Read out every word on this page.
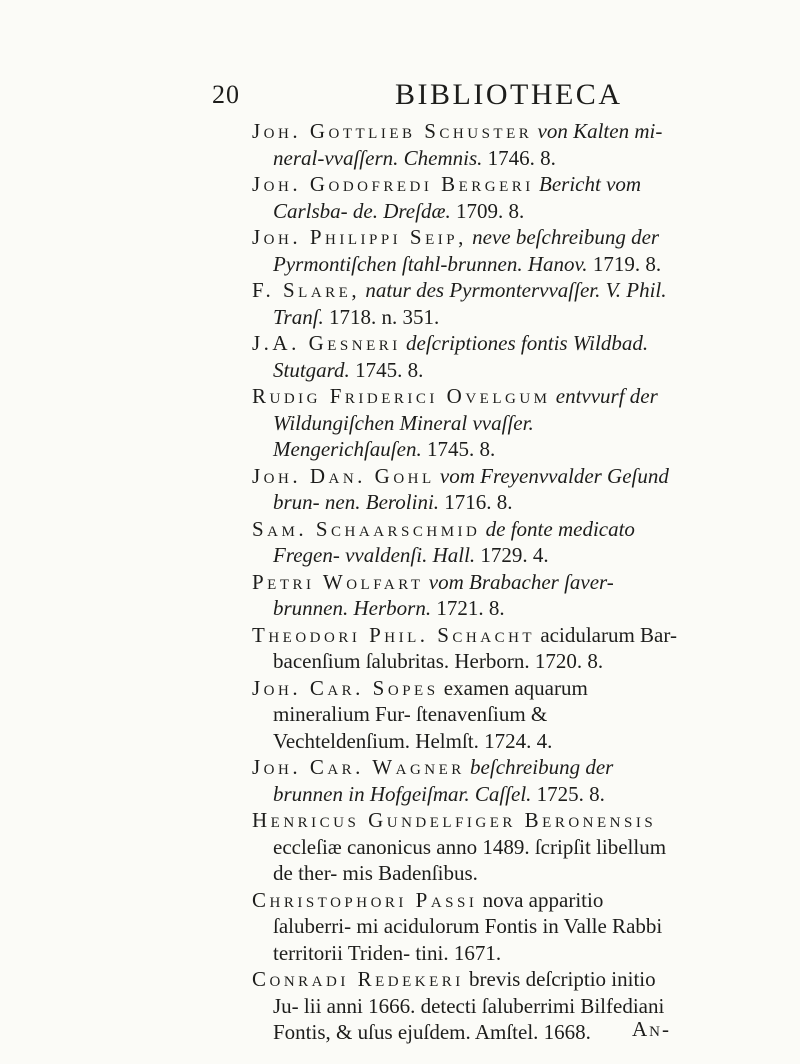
20	BIBLIOTHECA

Joh. Gottlieb Schuster von Kalten mi- neral-vvaſſern. Chemnis. 1746. 8.

Joh. Godofredi Bergeri Bericht vom Carlsba- de. Dreſdæ. 1709. 8.

Joh. Philippi Seip, neve beſchreibung der Pyrmontiſchen ſtahl-brunnen. Hanov. 1719. 8.

F. Slare, natur des Pyrmontervvaſſer. V. Phil. Tranſ. 1718. n. 351.

J.A. Gesneri deſcriptiones fontis Wildbad. Stutgard. 1745. 8.

Rudig Friderici Ovelgum entvvurf der Wildungiſchen Mineral vvaſſer. Mengerichſauſen. 1745. 8.

Joh. Dan. Gohl vom Freyenvvalder Geſund brun- nen. Berolini. 1716. 8.

Sam. Schaarschmid de fonte medicato Fregen- vvaldenſi. Hall. 1729. 4.

Petri Wolfart vom Brabacher ſaver-brunnen. Herborn. 1721. 8.

Theodori Phil. Schacht acidularum Bar- bacenſium ſalubritas. Herborn. 1720. 8.

Joh. Car. Sopes examen aquarum mineralium Fur- ſtenavenſium & Vechteldenſium. Helmſt. 1724. 4.

Joh. Car. Wagner beſchreibung der brunnen in Hofgeiſmar. Caſſel. 1725. 8.

Henricus Gundelfiger Beronensis eccleſiæ canonicus anno 1489. ſcripſit libellum de ther- mis Badenſibus.

Christophori Passi nova apparitio ſaluberri- mi acidulorum Fontis in Valle Rabbi territorii Triden- tini. 1671.

Conradi Redekeri brevis deſcriptio initio Ju- lii anni 1666. detecti ſaluberrimi Bilfediani Fontis, & uſus ejuſdem. Amſtel. 1668.	An-
